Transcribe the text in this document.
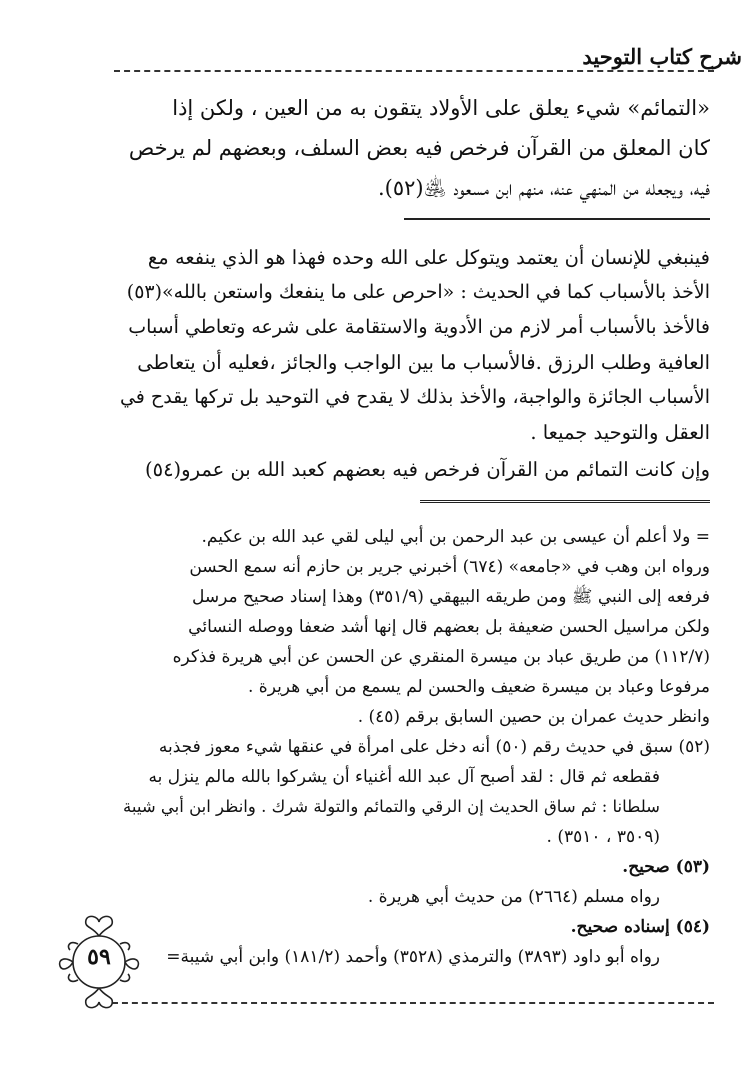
شرح كتاب التوحيد
«التمائم» شيء يعلق على الأولاد يتقون به من العين ، ولكن إذا
كان المعلق من القرآن فرخص فيه بعض السلف، وبعضهم لم يرخص
فيه، ويجعله من المنهي عنه، منهم ابن مسعود ﵁(٥٢).
فينبغي للإنسان أن يعتمد ويتوكل على الله وحده فهذا هو الذي ينفعه مع
الأخذ بالأسباب كما في الحديث : «احرص على ما ينفعك واستعن بالله»(٥٣)
فالأخذ بالأسباب أمر لازم من الأدوية والاستقامة على شرعه وتعاطي أسباب
العافية وطلب الرزق .فالأسباب ما بين الواجب والجائز ،فعليه أن يتعاطى
الأسباب الجائزة والواجبة، والأخذ بذلك لا يقدح في التوحيد بل تركها يقدح في
العقل والتوحيد جميعا .
وإن كانت التمائم من القرآن فرخص فيه بعضهم كعبد الله بن عمرو(٥٤)
= ولا أعلم أن عيسى بن عبد الرحمن بن أبي ليلى لقي عبد الله بن عكيم.
ورواه ابن وهب في «جامعه» (٦٧٤) أخبرني جرير بن حازم أنه سمع الحسن
فرفعه إلى النبي ﷺ ومن طريقه البيهقي (٣٥١/٩) وهذا إسناد صحيح مرسل
ولكن مراسيل الحسن ضعيفة بل بعضهم قال إنها أشد ضعفا ووصله النسائي
(١١٢/٧) من طريق عباد بن ميسرة المنقري عن الحسن عن أبي هريرة فذكره
مرفوعا وعباد بن ميسرة ضعيف والحسن لم يسمع من أبي هريرة .
وانظر حديث عمران بن حصين السابق برقم (٤٥) .
(٥٢) سبق في حديث رقم (٥٠) أنه دخل على امرأة في عنقها شيء معوز فجذبه
فقطعه ثم قال : لقد أصبح آل عبد الله أغنياء أن يشركوا بالله مالم ينزل به
سلطانا : ثم ساق الحديث إن الرقي والتمائم والتولة شرك . وانظر ابن أبي شيبة
(٣٥٠٩ ، ٣٥١٠) .
(٥٣) صحيح.
رواه مسلم (٢٦٦٤) من حديث أبي هريرة .
(٥٤) إسناده صحيح.
رواه أبو داود (٣٨٩٣) والترمذي (٣٥٢٨) وأحمد (١٨١/٢) وابن أبي شيبة=
٥٩
